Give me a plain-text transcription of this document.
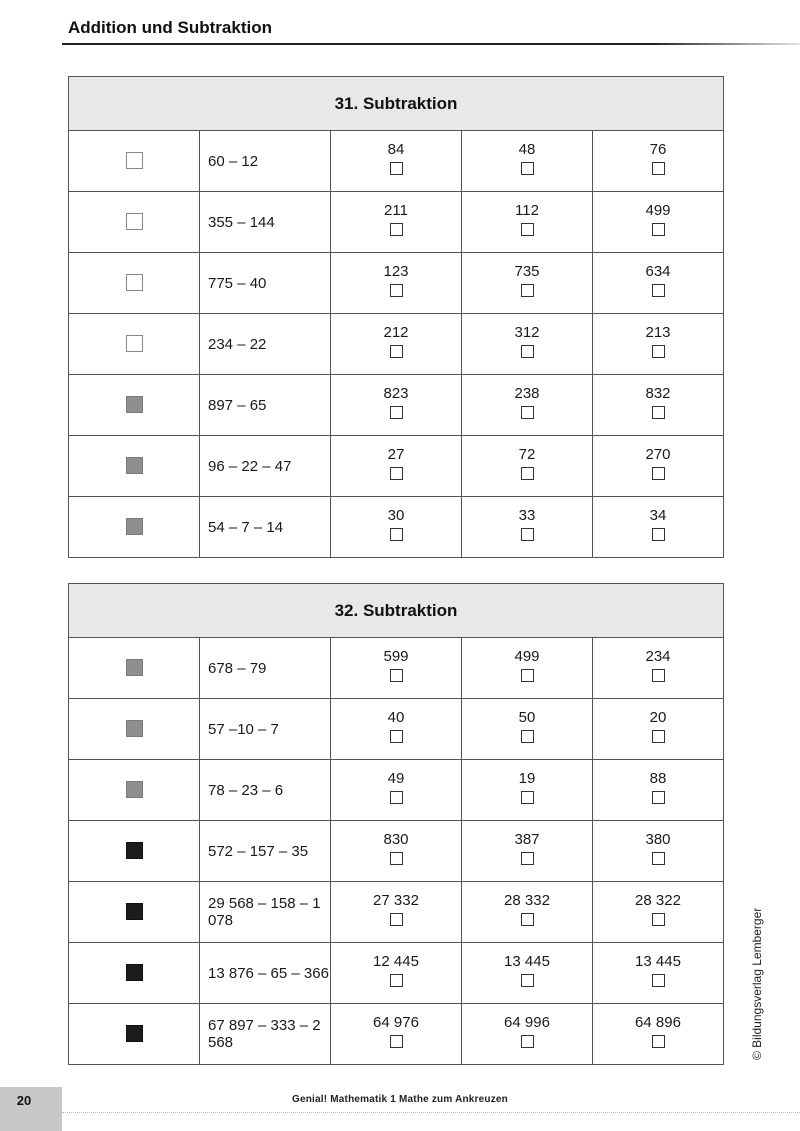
Addition und Subtraktion
31. Subtraktion				
	60 – 12	84	48	76

	355 – 144	211	112	499

	775 – 40	123	735	634

	234 – 22	212	312	213

	897 – 65	823	238	832

	96 – 22 – 47	27	72	270

	54 – 7 – 14	30	33	34
32. Subtraktion				
	678 – 79	599	499	234

	57 –10 – 7	40	50	20

	78 – 23 – 6	49	19	88

	572 – 157 – 35	830	387	380

	29 568 – 158 – 1 078	27 332	28 332	28 322

	13 876 – 65 – 366	12 445	13 445	13 445

	67 897 – 333 – 2 568	64 976	64 996	64 896	© Bildungsverlag Lemberger
20	Genial! Mathematik 1 Mathe zum Ankreuzen
